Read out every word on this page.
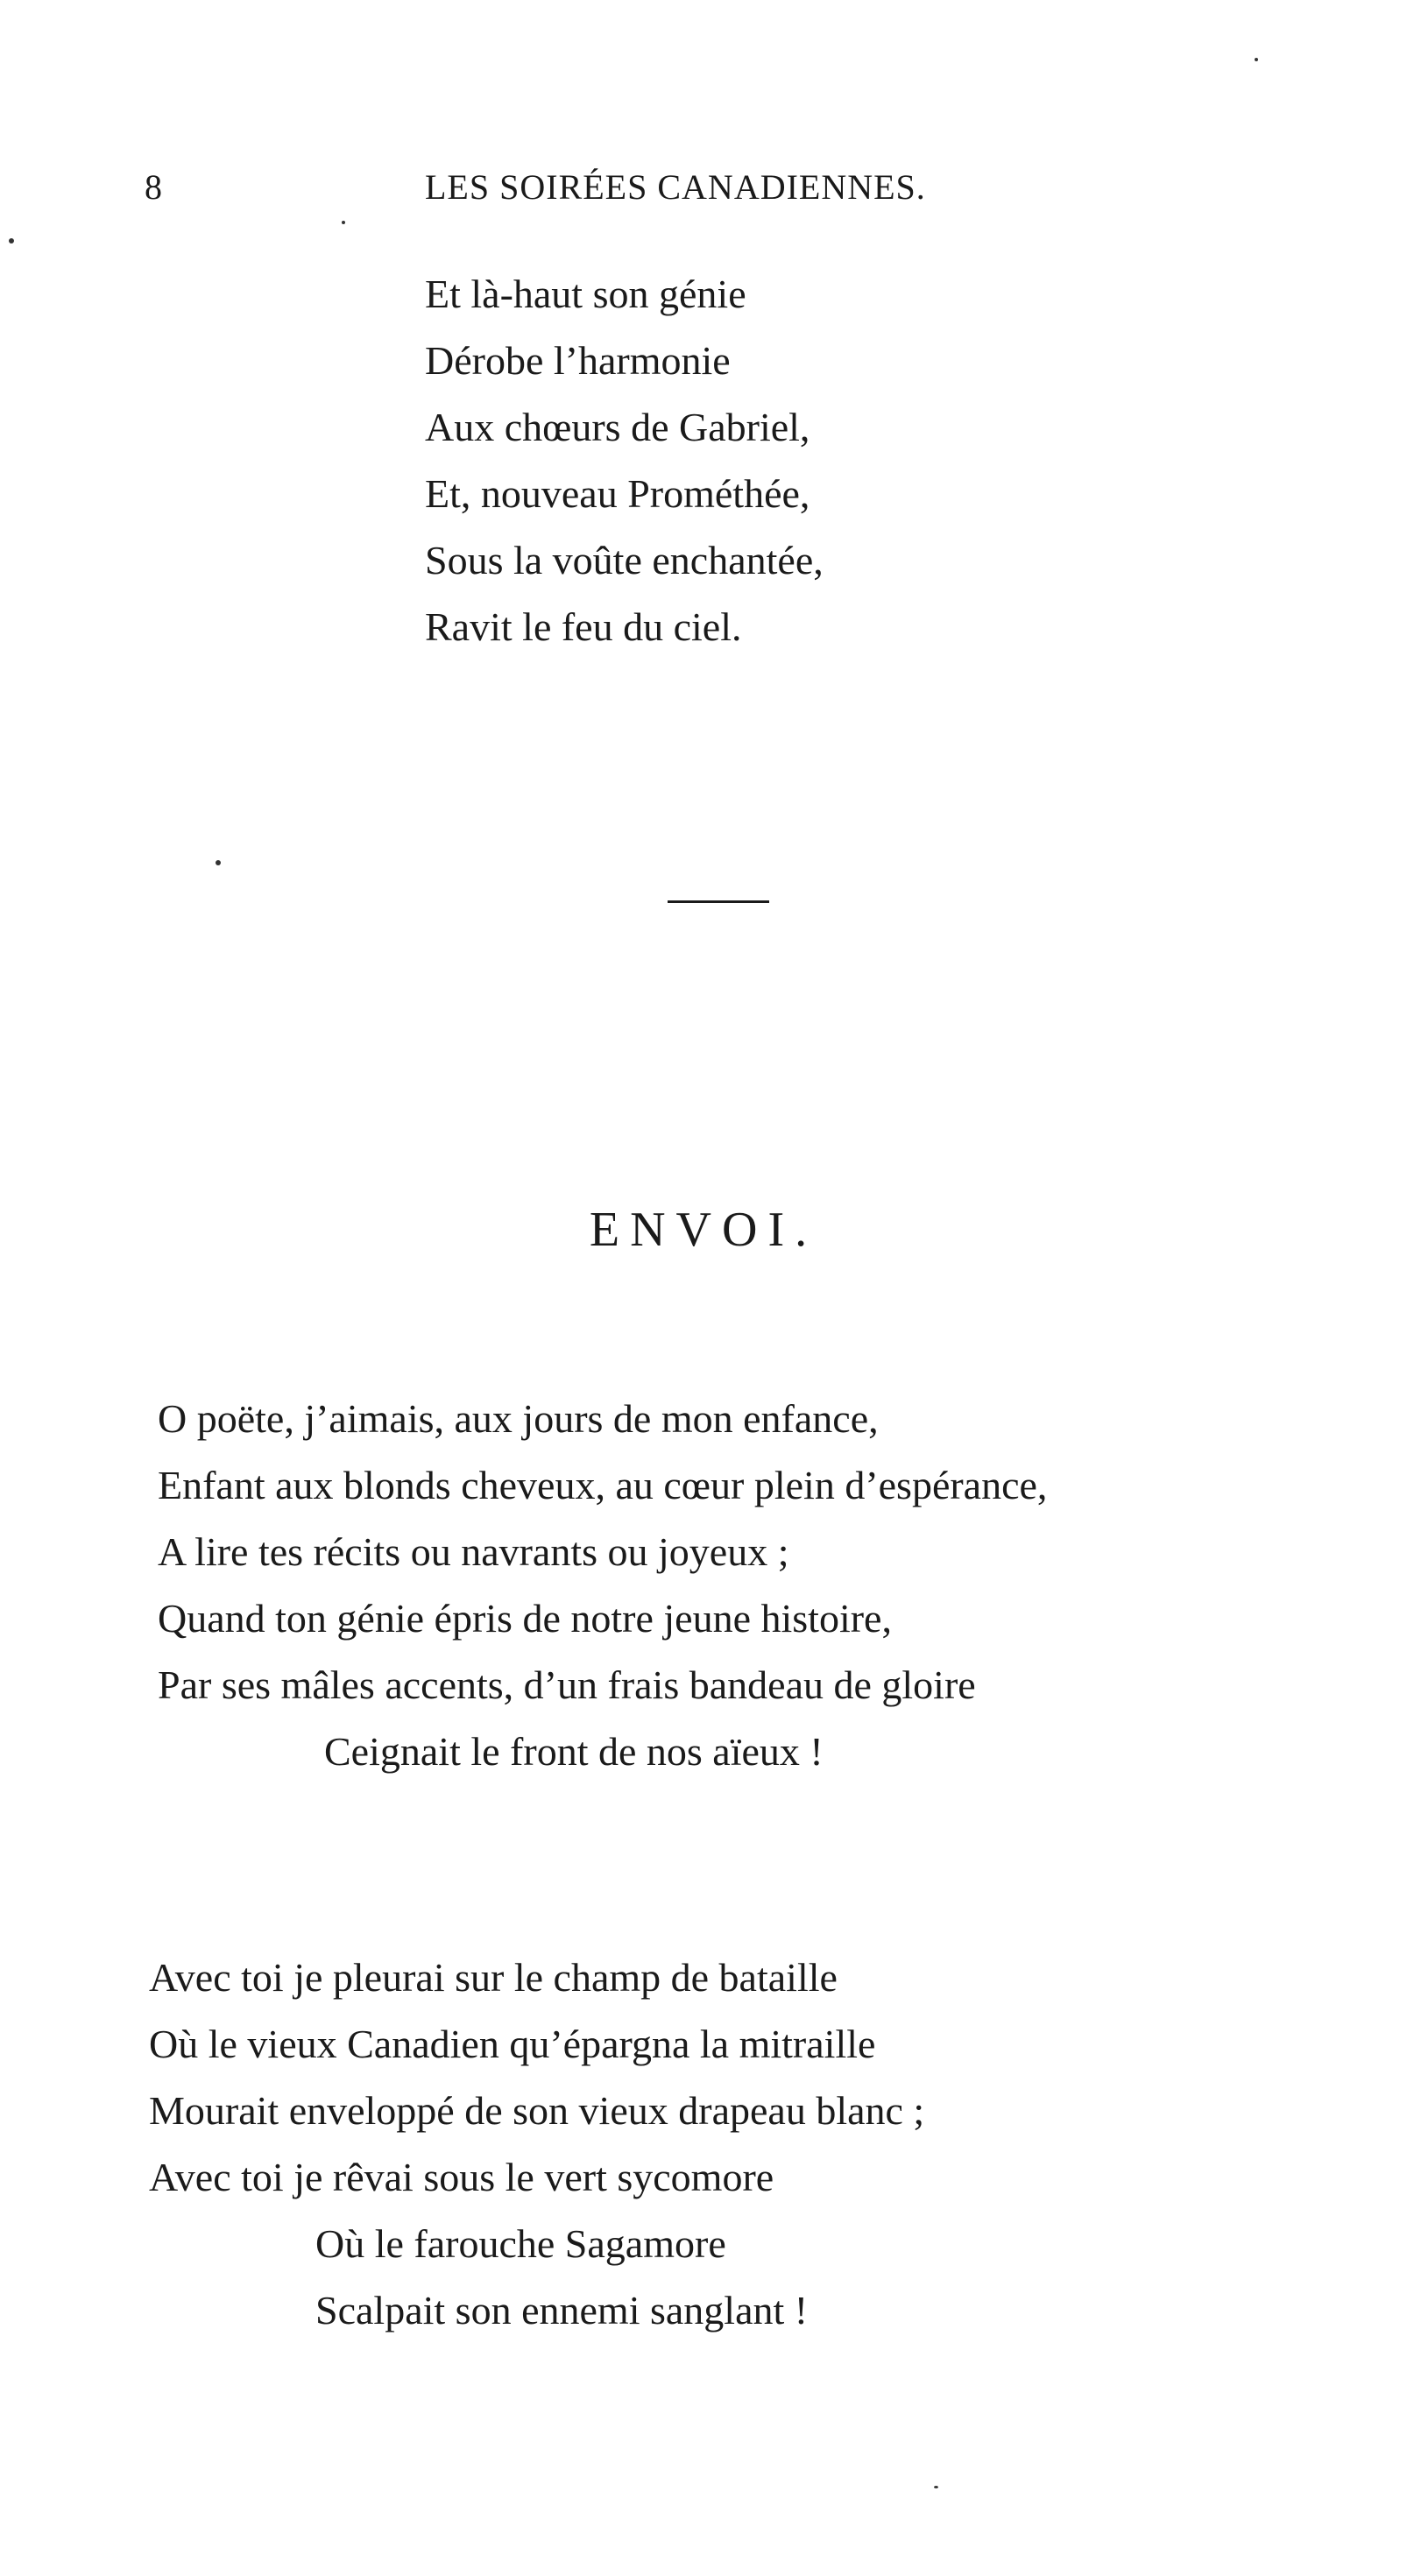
8	LES SOIRÉES CANADIENNES.
Et là-haut son génie
Dérobe l’harmonie
Aux chœurs de Gabriel,
Et, nouveau Prométhée,
Sous la voûte enchantée,
Ravit le feu du ciel.
ENVOI.
O poëte, j’aimais, aux jours de mon enfance,
Enfant aux blonds cheveux, au cœur plein d’espérance,
A lire tes récits ou navrants ou joyeux ;
Quand ton génie épris de notre jeune histoire,
Par ses mâles accents, d’un frais bandeau de gloire
Ceignait le front de nos aïeux !
Avec toi je pleurai sur le champ de bataille
Où le vieux Canadien qu’épargna la mitraille
Mourait enveloppé de son vieux drapeau blanc ;
Avec toi je rêvai sous le vert sycomore
Où le farouche Sagamore
Scalpait son ennemi sanglant !
